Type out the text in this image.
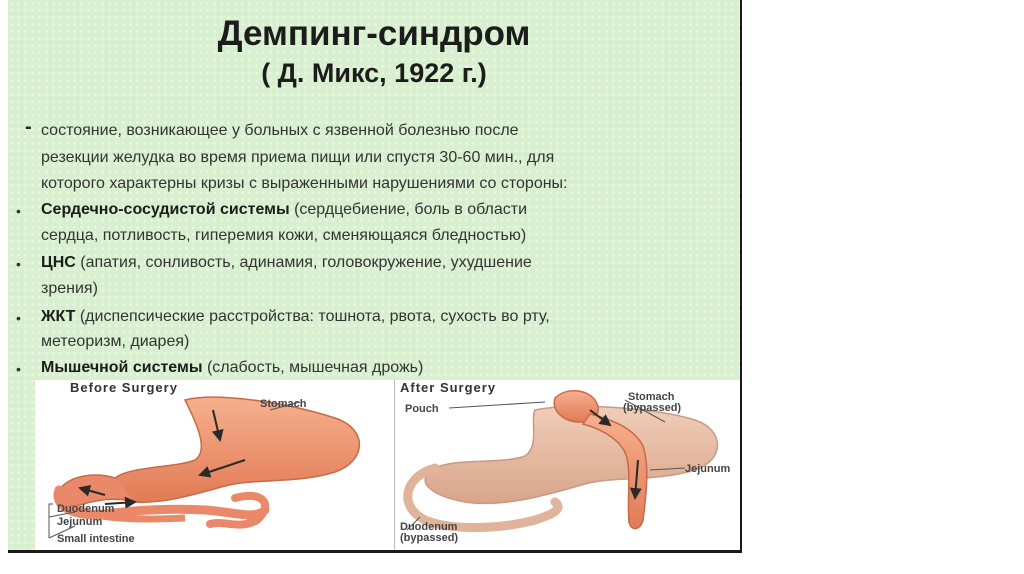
Демпинг-синдром
( Д. Микс, 1922 г.)
- состояние, возникающее у больных с язвенной болезнью после
резекции желудка во время приема пищи или спустя 30-60 мин., для
которого характерны кризы с выраженными нарушениями со стороны:
• Сердечно-сосудистой системы (сердцебиение, боль в области
сердца, потливость, гиперемия кожи, сменяющаяся бледностью)
• ЦНС (апатия, сонливость, адинамия, головокружение, ухудшение
зрения)
• ЖКТ (диспепсические расстройства: тошнота, рвота, сухость во рту,
метеоризм, диарея)
• Мышечной системы (слабость, мышечная дрожь)
Before Surgery	After Surgery
Stomach
Duodenum
Jejunum
Small intestine
Pouch
Stomach
(bypassed)
Jejunum
Duodenum
(bypassed)
